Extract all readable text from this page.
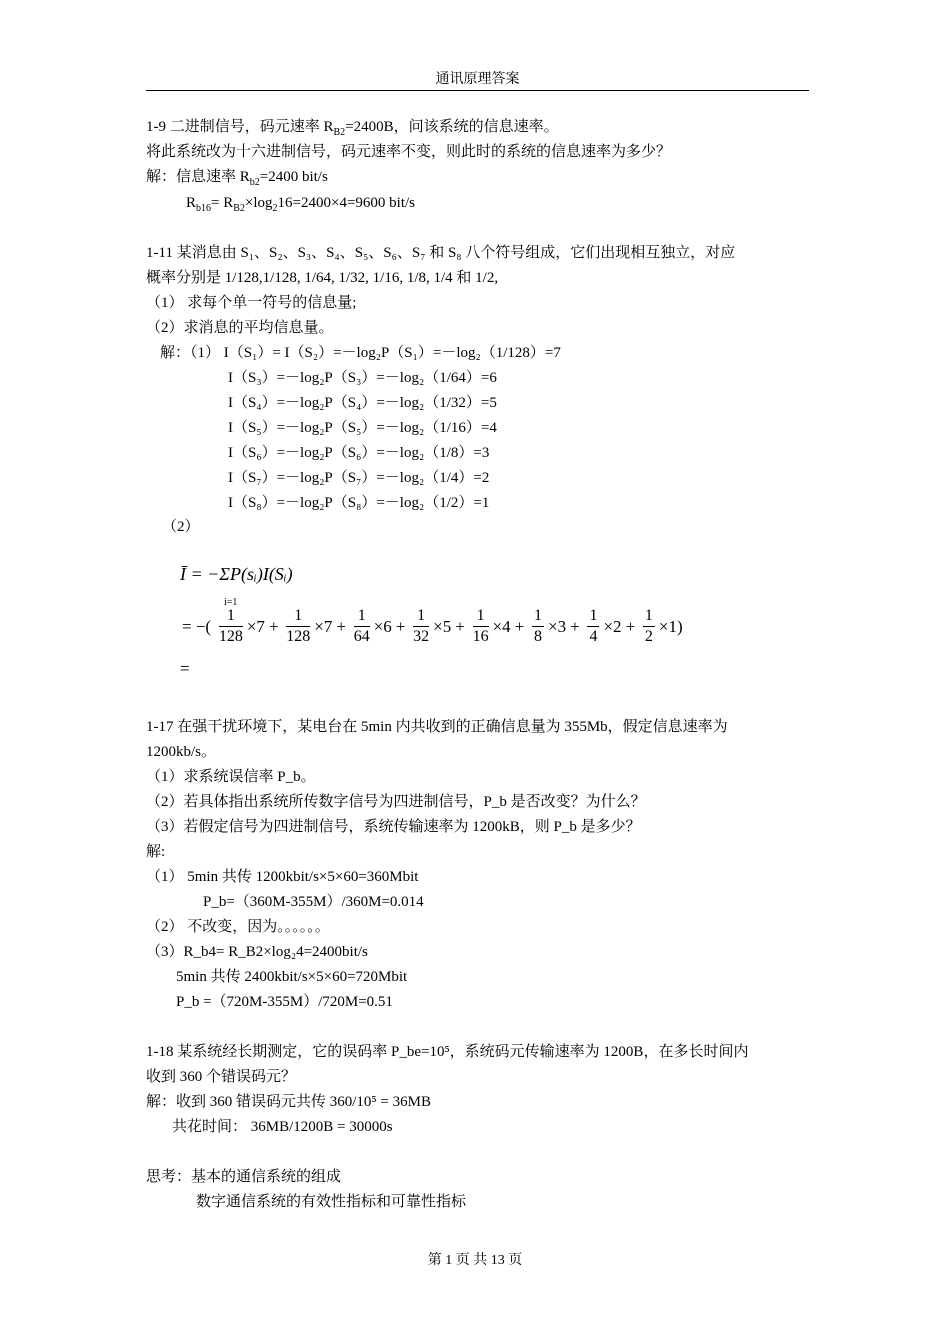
通讯原理答案
1-9 二进制信号，码元速率 $R_{B2}=2400B$，问该系统的信息速率。
将此系统改为十六进制信号，码元速率不变，则此时的系统的信息速率为多少？
解：信息速率 $R_{b2}=2400$ bit/s
$R_{b16}= R_{B2}\times\log_216=2400\times 4=9600$ bit/s
1-11 某消息由 S₁、S₂、S₃、S₄、S₅、S₆、S₇ 和 S₈ 八个符号组成，它们出现相互独立，对应
概率分别是 1/128,1/128, 1/64, 1/32, 1/16, 1/8, 1/4 和 1/2,
（1） 求每个单一符号的信息量;
（2）求消息的平均信息量。
解：（1） I（S₁）= I（S₂）=－log₂P（S₁）=－log₂（1/128）=7
I（S₃）=－log₂P（S₃）=－log₂（1/64）=6
I（S₄）=－log₂P（S₄）=－log₂（1/32）=5
I（S₅）=－log₂P（S₅）=－log₂（1/16）=4
I（S₆）=－log₂P（S₆）=－log₂（1/8）=3
I（S₇）=－log₂P（S₇）=－log₂（1/4）=2
I（S₈）=－log₂P（S₈）=－log₂（1/2）=1
（2）
Ī = −ΣP(sᵢ)I(Sᵢ)
i=1
= −( $\frac{1}{128} \times 7 + \frac{1}{128} \times 7 + \frac{1}{64} \times 6 + \frac{1}{32} \times 5 + \frac{1}{16} \times 4 + \frac{1}{8} \times 3 + \frac{1}{4} \times 2 + \frac{1}{2} \times 1$)
=
1-17 在强干扰环境下，某电台在 5min 内共收到的正确信息量为 355Mb，假定信息速率为
1200kb/s。
（1）求系统误信率 P_b。
（2）若具体指出系统所传数字信号为四进制信号，P_b 是否改变？为什么？
（3）若假定信号为四进制信号，系统传输速率为 1200kB，则 P_b 是多少？
解:
（1） 5min 共传 1200kbit/s×5×60=360Mbit
P_b=（360M-355M）/360M=0.014
（2） 不改变，因为。。。。。。
（3）R_b4= R_B2×log₂4=2400bit/s
5min 共传 2400kbit/s×5×60=720Mbit
P_b =（720M-355M）/720M=0.51
1-18 某系统经长期测定，它的误码率 P_be=10⁵，系统码元传输速率为 1200B，在多长时间内
收到 360 个错误码元？
解：收到 360 错误码元共传 360/10⁵ = 36MB
共花时间： 36MB/1200B = 30000s
思考：基本的通信系统的组成
数字通信系统的有效性指标和可靠性指标
第 1 页 共 13 页
